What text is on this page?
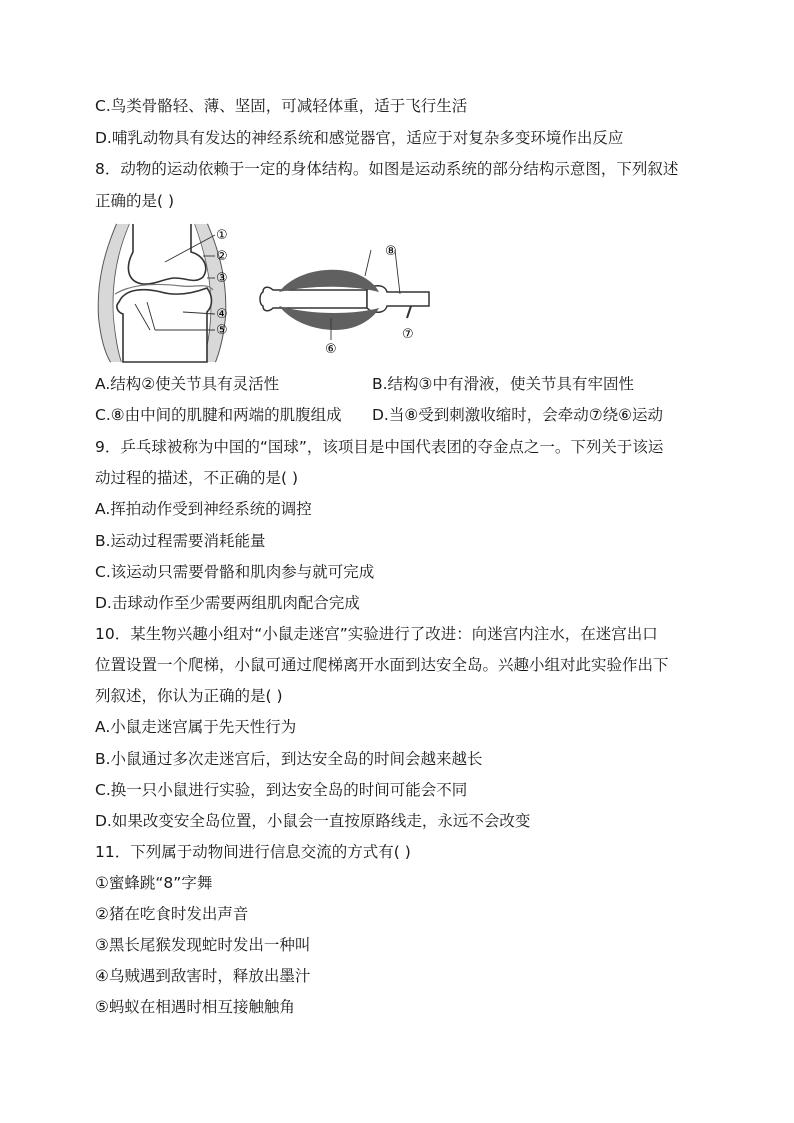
C.鸟类骨骼轻、薄、坚固，可减轻体重，适于飞行生活
D.哺乳动物具有发达的神经系统和感觉器官，适应于对复杂多变环境作出反应
8．动物的运动依赖于一定的身体结构。如图是运动系统的部分结构示意图，下列叙述
正确的是( )
①
②
③
④
⑤
⑧
⑦
⑥
A.结构②使关节具有灵活性	B.结构③中有滑液，使关节具有牢固性
C.⑧由中间的肌腱和两端的肌腹组成	D.当⑧受到刺激收缩时，会牵动⑦绕⑥运动
9．乒乓球被称为中国的“国球”，该项目是中国代表团的夺金点之一。下列关于该运
动过程的描述，不正确的是( )
A.挥拍动作受到神经系统的调控
B.运动过程需要消耗能量
C.该运动只需要骨骼和肌肉参与就可完成
D.击球动作至少需要两组肌肉配合完成
10．某生物兴趣小组对“小鼠走迷宫”实验进行了改进：向迷宫内注水，在迷宫出口
位置设置一个爬梯，小鼠可通过爬梯离开水面到达安全岛。兴趣小组对此实验作出下
列叙述，你认为正确的是( )
A.小鼠走迷宫属于先天性行为
B.小鼠通过多次走迷宫后，到达安全岛的时间会越来越长
C.换一只小鼠进行实验，到达安全岛的时间可能会不同
D.如果改变安全岛位置，小鼠会一直按原路线走，永远不会改变
11．下列属于动物间进行信息交流的方式有( )
①蜜蜂跳“8”字舞
②猪在吃食时发出声音
③黑长尾猴发现蛇时发出一种叫
④乌贼遇到敌害时，释放出墨汁
⑤蚂蚁在相遇时相互接触触角
